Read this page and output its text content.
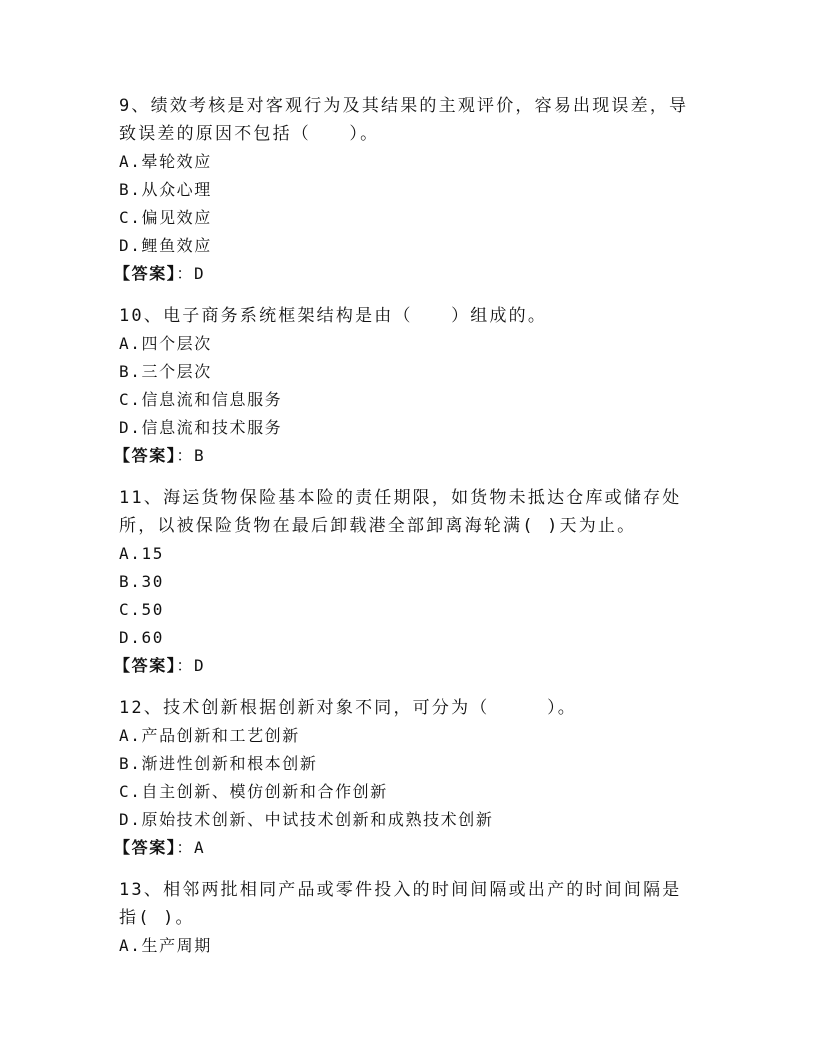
9、绩效考核是对客观行为及其结果的主观评价，容易出现误差，导致误差的原因不包括（　　）。

A.晕轮效应

B.从众心理

C.偏见效应

D.鲤鱼效应

【答案】：D

10、电子商务系统框架结构是由（　　）组成的。

A.四个层次

B.三个层次

C.信息流和信息服务

D.信息流和技术服务

【答案】：B

11、海运货物保险基本险的责任期限，如货物未抵达仓库或储存处所，以被保险货物在最后卸载港全部卸离海轮满( )天为止。

A.15

B.30

C.50

D.60

【答案】：D

12、技术创新根据创新对象不同，可分为（　　　）。

A.产品创新和工艺创新

B.渐进性创新和根本创新

C.自主创新、模仿创新和合作创新

D.原始技术创新、中试技术创新和成熟技术创新

【答案】：A

13、相邻两批相同产品或零件投入的时间间隔或出产的时间间隔是指( )。

A.生产周期
